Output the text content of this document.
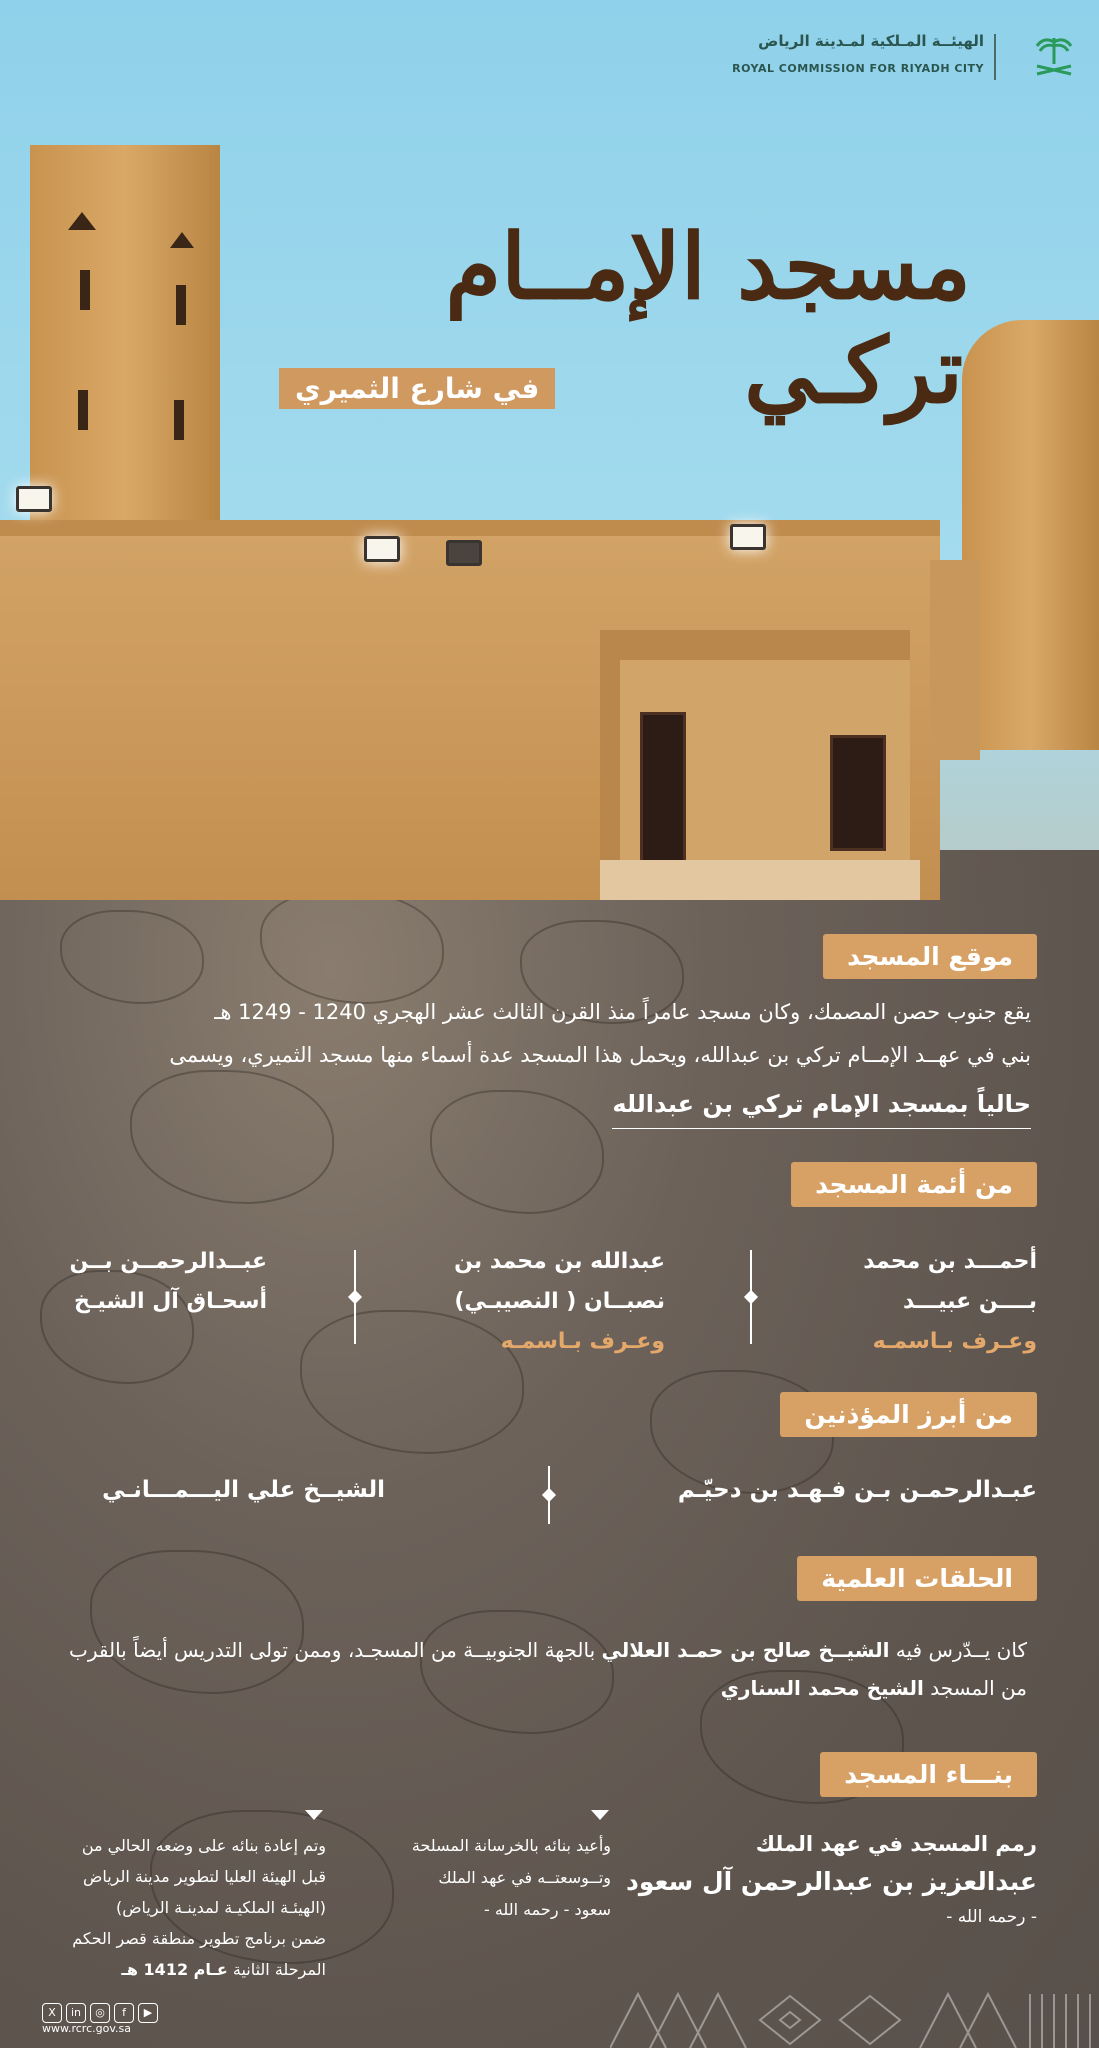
الهيئــة المـلكية لمـدينة الرياض
ROYAL COMMISSION FOR RIYADH CITY
مسجد الإمــام
تركـي
في شارع الثميري
موقع المسجد
يقع جنوب حصن المصمك، وكان مسجد عامراً منذ القرن الثالث عشر الهجري 1240 - 1249 هـ
بني في عهــد الإمــام تركي بن عبدالله، ويحمل هذا المسجد عدة أسماء منها مسجد الثميري، ويسمى
حالياً بمسجد الإمام تركي بن عبدالله
من أئمة المسجد
أحمـــد بن محمد
بــــن عبيـــد
وعـرف بـاسمـه
عبدالله بن محمد بن
نصبــان ( النصيبـي)
وعـرف بـاسمـه
عبــدالرحمــن بــن
أسحـاق آل الشيـخ
من أبرز المؤذنين
عبـدالرحمـن بـن فـهـد بن دحيّـم
الشيــخ علي اليـــمـــانـي
الحلقات العلمية
كان يــدّرس فيه الشيــخ صالح بن حمـد العلالي بالجهة الجنوبيــة من المسجـد، وممن تولى التدريس أيضاً بالقرب
من المسجد الشيخ محمد السناري
بنـــاء المسجد
رمم المسجد في عهد الملك
عبدالعزيز بن عبدالرحمن آل سعود
- رحمه الله -
وأعيد بنائه بالخرسانة المسلحة
وتــوسعتــه في عهد الملك
سعود - رحمه الله -
وتم إعادة بنائه على وضعه الحالي من
قبل الهيئة العليا لتطوير مدينة الرياض
(الهيئـة الملكيـة لمدينـة الرياض)
ضمن برنامج تطوير منطقة قصر الحكم
المرحلة الثانية عـام 1412 هـ
X in ◎ f ▶
www.rcrc.gov.sa
